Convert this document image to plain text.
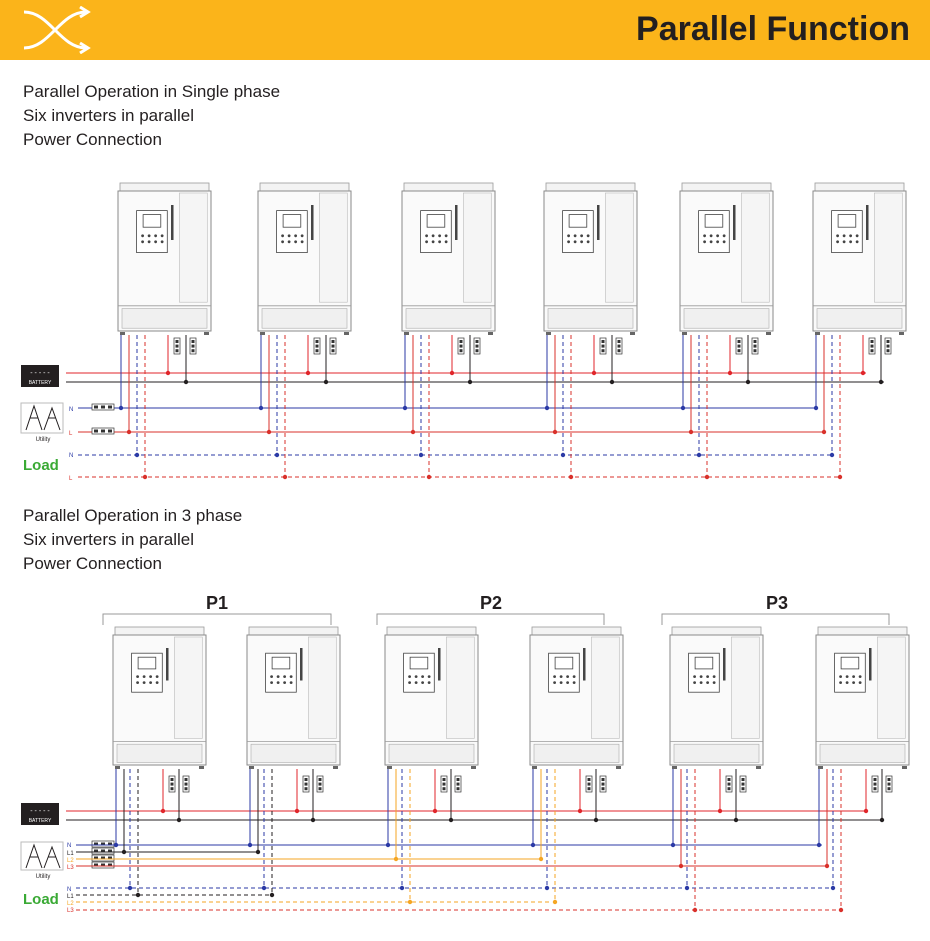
Parallel Function
Parallel Operation in Single phase
Six inverters in parallel
Power Connection
Parallel Operation in 3 phase
Six inverters in parallel
Power Connection
BATTERY
- - - - -
Utility
N
L
Load
N
L
BATTERY
- - - - -
Utility
N
L1
L2
L3
Load
N
L1
L2
L3
P1	P2	P3
